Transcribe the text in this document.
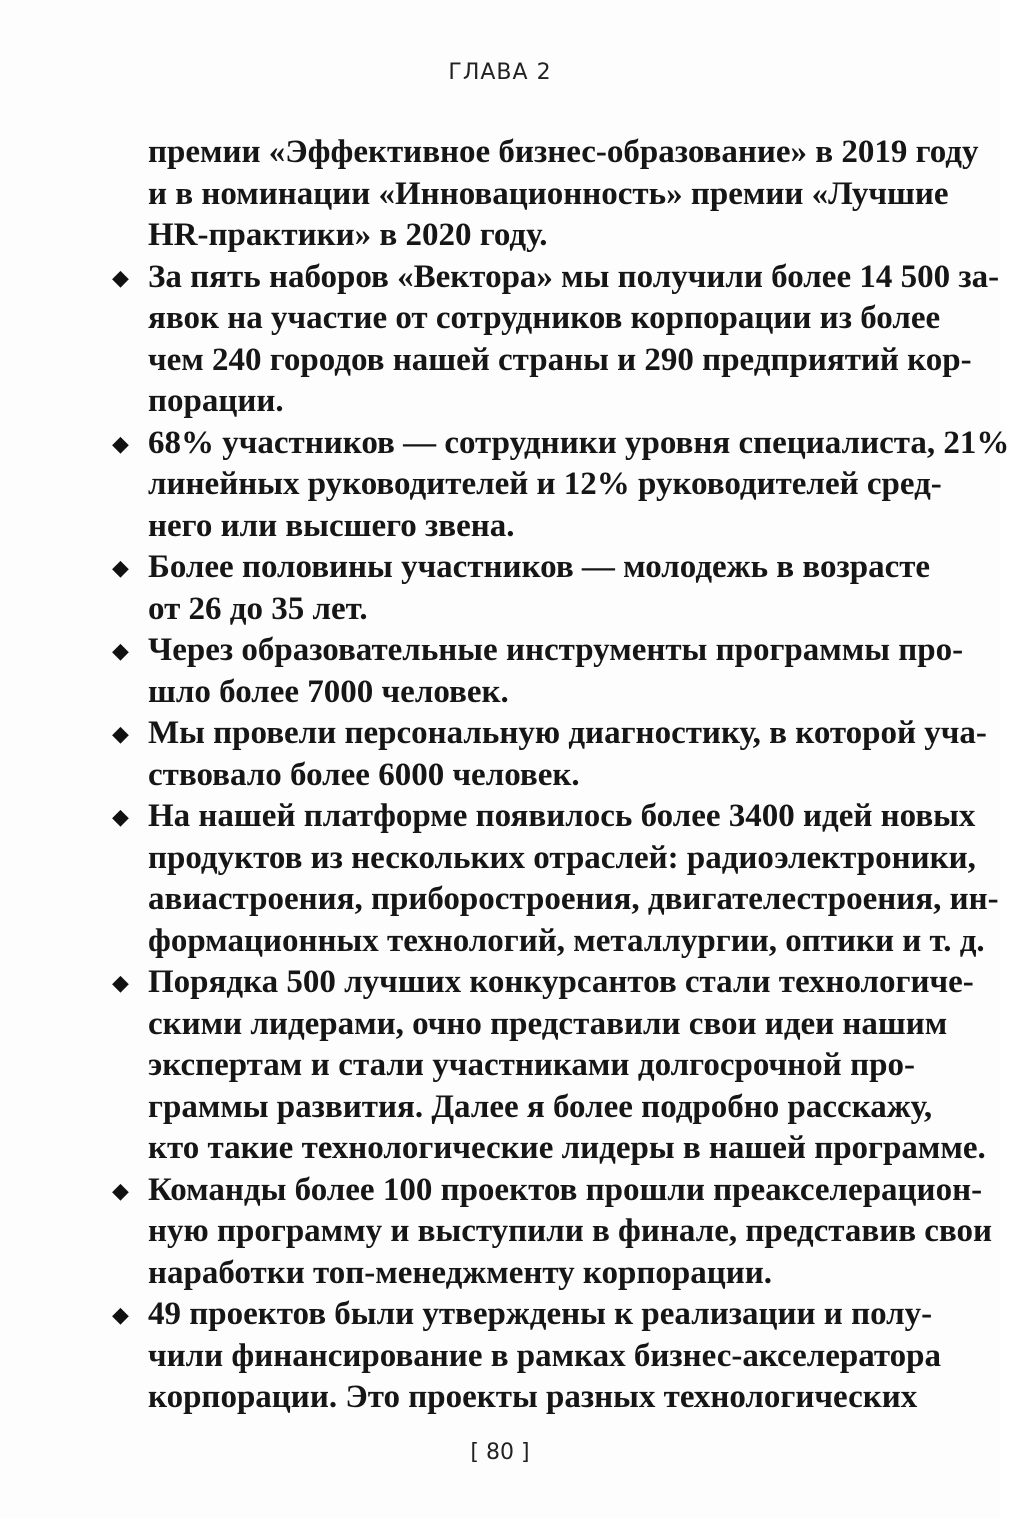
ГЛАВА 2
премии «Эффективное бизнес-образование» в 2019 году
и в номинации «Инновационность» премии «Лучшие
HR-практики» в 2020 году.
◆ За пять наборов «Вектора» мы получили более 14 500 за-
явок на участие от сотрудников корпорации из более
чем 240 городов нашей страны и 290 предприятий кор-
порации.
◆ 68% участников — сотрудники уровня специалиста, 21%
линейных руководителей и 12% руководителей сред-
него или высшего звена.
◆ Более половины участников — молодежь в возрасте
от 26 до 35 лет.
◆ Через образовательные инструменты программы про-
шло более 7000 человек.
◆ Мы провели персональную диагностику, в которой уча-
ствовало более 6000 человек.
◆ На нашей платформе появилось более 3400 идей новых
продуктов из нескольких отраслей: радиоэлектроники,
авиастроения, приборостроения, двигателестроения, ин-
формационных технологий, металлургии, оптики и т. д.
◆ Порядка 500 лучших конкурсантов стали технологиче-
скими лидерами, очно представили свои идеи нашим
экспертам и стали участниками долгосрочной про-
граммы развития. Далее я более подробно расскажу,
кто такие технологические лидеры в нашей программе.
◆ Команды более 100 проектов прошли преакселерацион-
ную программу и выступили в финале, представив свои
наработки топ-менеджменту корпорации.
◆ 49 проектов были утверждены к реализации и полу-
чили финансирование в рамках бизнес-акселератора
корпорации. Это проекты разных технологических
[ 80 ]
